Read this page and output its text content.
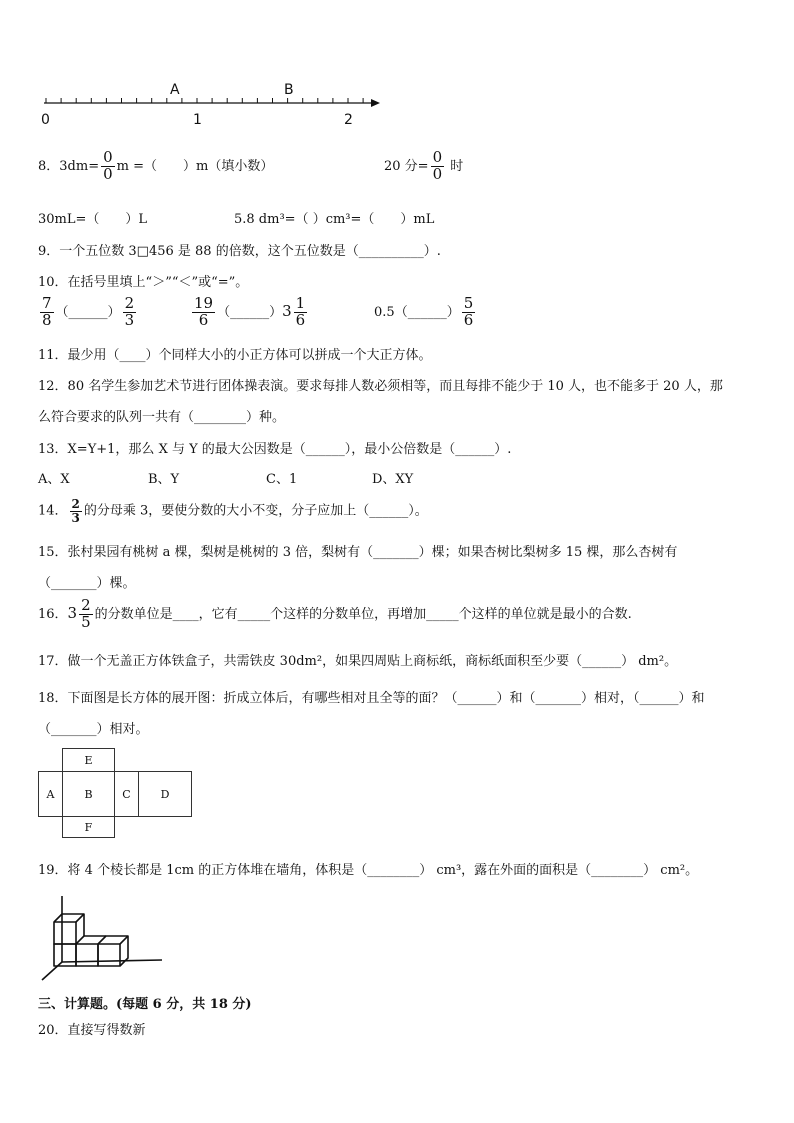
0	1	2
A	B
8．$3dm= \frac{0}{0}$ m =（　　）m（填小数）	20 分= $\frac{0}{0}$ 时
30mL=（　　）L	5.8 dm³=（ ）cm³=（　　）mL
9．一个五位数 3□456 是 88 的倍数，这个五位数是（__________）.
10．在括号里填上“＞”“＜”或“=”。
$\frac{7}{8}$ （______） $\frac{2}{3}$	$\frac{19}{6}$ （______）3 $\frac{1}{6}$	0.5（______） $\frac{5}{6}$
11．最少用（____）个同样大小的小正方体可以拼成一个大正方体。
12．80 名学生参加艺术节进行团体操表演。要求每排人数必须相等，而且每排不能少于 10 人，也不能多于 20 人，那
么符合要求的队列一共有（________）种。
13．X=Y+1，那么 X 与 Y 的最大公因数是（______），最小公倍数是（______）.
A、X	B、Y	C、1	D、XY
14． $\frac{2}{3}$ 的分母乘 3，要使分数的大小不变，分子应加上（______）。
15．张村果园有桃树 a 棵，梨树是桃树的 3 倍，梨树有（_______）棵；如果杏树比梨树多 15 棵，那么杏树有
（_______）棵。
16．$3 \frac{2}{5}$ 的分数单位是____，它有_____个这样的分数单位，再增加_____个这样的单位就是最小的合数.
17．做一个无盖正方体铁盒子，共需铁皮 30dm²，如果四周贴上商标纸，商标纸面积至少要（______） dm²。
18．下面图是长方体的展开图：折成立体后，有哪些相对且全等的面？（______）和（_______）相对，（______）和
（_______）相对。
E
A	B	C	D
F
19．将 4 个棱长都是 1cm 的正方体堆在墙角，体积是（________） cm³，露在外面的面积是（________） cm²。
三、计算题。(每题 6 分，共 18 分)
20．直接写得数新
